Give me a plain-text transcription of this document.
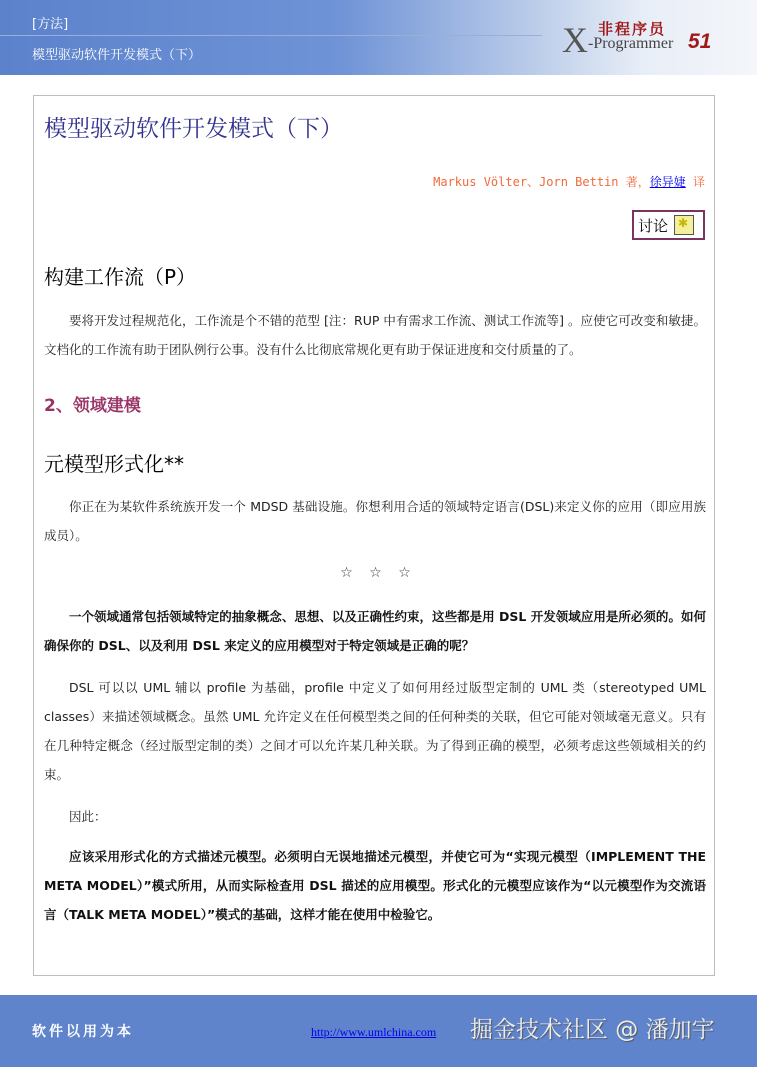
[方法]
模型驱动软件开发模式（下）	X 非程序员
-Programmer 51
模型驱动软件开发模式（下）
Markus Völter、Jorn Bettin 著，徐异婕 译
讨论
✱
构建工作流（P）
要将开发过程规范化，工作流是个不错的范型 [注：RUP 中有需求工作流、测试工作流等] 。应使它可改变和敏捷。文档化的工作流有助于团队例行公事。没有什么比彻底常规化更有助于保证进度和交付质量的了。
2、领域建模
元模型形式化**
你正在为某软件系统族开发一个 MDSD 基础设施。你想利用合适的领域特定语言(DSL)来定义你的应用（即应用族成员）。
☆ ☆ ☆
一个领域通常包括领域特定的抽象概念、思想、以及正确性约束，这些都是用 DSL 开发领域应用是所必须的。如何确保你的 DSL、以及利用 DSL 来定义的应用模型对于特定领域是正确的呢？
DSL 可以以 UML 辅以 profile 为基础，profile 中定义了如何用经过版型定制的 UML 类（stereotyped UML classes）来描述领域概念。虽然 UML 允许定义在任何模型类之间的任何种类的关联，但它可能对领域毫无意义。只有在几种特定概念（经过版型定制的类）之间才可以允许某几种关联。为了得到正确的模型，必须考虑这些领域相关的约束。
因此：
应该采用形式化的方式描述元模型。必须明白无误地描述元模型，并使它可为“实现元模型（IMPLEMENT THE META MODEL）”模式所用，从而实际检查用 DSL 描述的应用模型。形式化的元模型应该作为“以元模型作为交流语言（TALK META MODEL）”模式的基础，这样才能在使用中检验它。
软件以用为本	http://www.umlchina.com 掘金技术社区 @ 潘加宇
